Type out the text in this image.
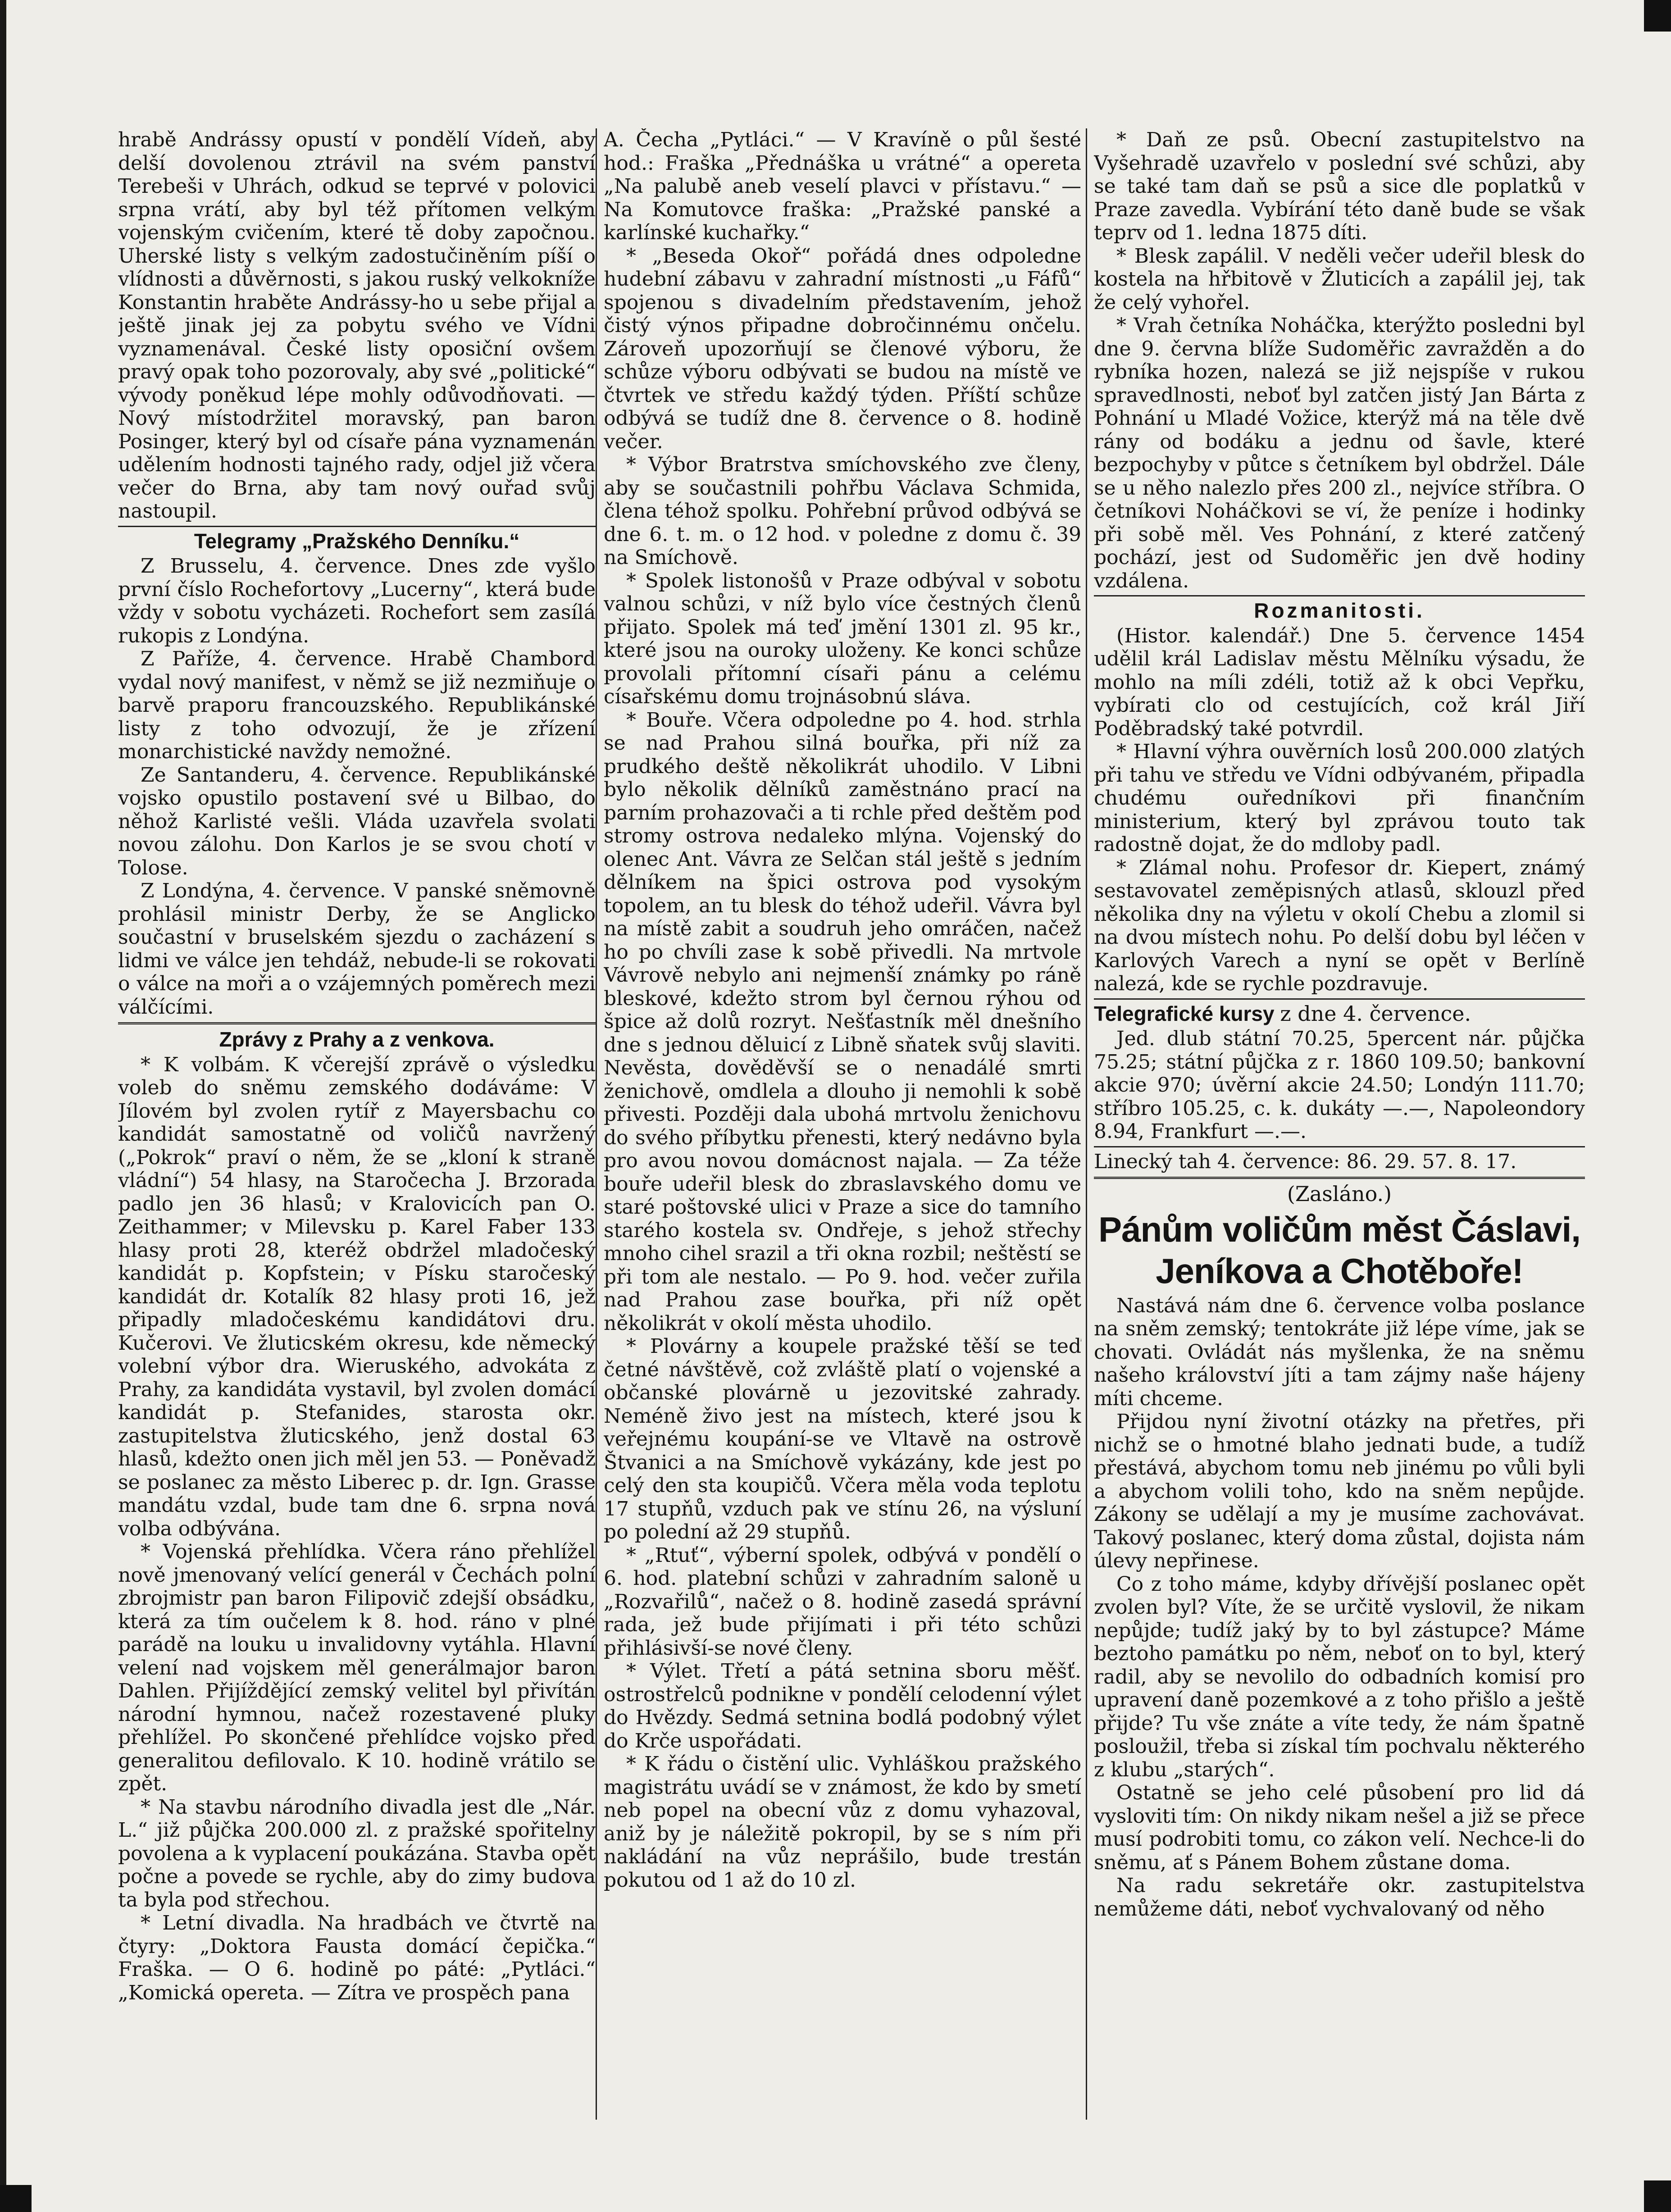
hrabě Andrássy opustí v pondělí Vídeň, aby delší dovolenou ztrávil na svém panství Terebeši v Uhrách, odkud se teprvé v polovici srpna vrátí, aby byl též přítomen velkým vojenským cvičením, které tě doby započnou. Uherské listy s velkým zadostučiněním píší o vlídnosti a důvěrnosti, s jakou ruský velkokníže Konstantin hraběte Andrássy-ho u sebe přijal a ještě jinak jej za pobytu svého ve Vídni vyznamenával. České listy oposiční ovšem pravý opak toho pozorovaly, aby své „politické“ vývody poněkud lépe mohly odůvodňovati. — Nový místodržitel moravský, pan baron Posinger, který byl od císaře pána vyznamenán udělením hodnosti tajného rady, odjel již včera večer do Brna, aby tam nový ouřad svůj nastoupil.

Telegramy „Pražského Denníku.“

Z Brusselu, 4. července. Dnes zde vyšlo první číslo Rochefortovy „Lucerny“, která bude vždy v sobotu vycházeti. Rochefort sem zasílá rukopis z Londýna.

Z Paříže, 4. července. Hrabě Chambord vydal nový manifest, v němž se již nezmiňuje o barvě praporu francouzského. Republikánské listy z toho odvozují, že je zřízení monarchistické navždy nemožné.

Ze Santanderu, 4. července. Republikánské vojsko opustilo postavení své u Bilbao, do něhož Karlisté vešli. Vláda uzavřela svolati novou zálohu. Don Karlos je se svou chotí v Tolose.

Z Londýna, 4. července. V panské sněmovně prohlásil ministr Derby, že se Anglicko součastní v bruselském sjezdu o zacházení s lidmi ve válce jen tehdáž, nebude-li se rokovati o válce na moři a o vzájemných poměrech mezi válčícími.

Zprávy z Prahy a z venkova.

* K volbám. K včerejší zprávě o výsledku voleb do sněmu zemského dodáváme: V Jílovém byl zvolen rytíř z Mayersbachu co kandidát samostatně od voličů navržený („Pokrok“ praví o něm, že se „kloní k straně vládní“) 54 hlasy, na Staročecha J. Brzorada padlo jen 36 hlasů; v Kralovicích pan O. Zeithammer; v Milevsku p. Karel Faber 133 hlasy proti 28, kteréž obdržel mladočeský kandidát p. Kopfstein; v Písku staročeský kandidát dr. Kotalík 82 hlasy proti 16, jež připadly mladočeskému kandidátovi dru. Kučerovi. Ve žluticském okresu, kde německý volební výbor dra. Wieruského, advokáta z Prahy, za kandidáta vystavil, byl zvolen domácí kandidát p. Stefanides, starosta okr. zastupitelstva žluticského, jenž dostal 63 hlasů, kdežto onen jich měl jen 53. — Poněvadž se poslanec za město Liberec p. dr. Ign. Grasse mandátu vzdal, bude tam dne 6. srpna nová volba odbývána.

* Vojenská přehlídka. Včera ráno přehlížel nově jmenovaný velící generál v Čechách polní zbrojmistr pan baron Filipovič zdejší obsádku, která za tím oučelem k 8. hod. ráno v plné parádě na louku u invalidovny vytáhla. Hlavní velení nad vojskem měl generálmajor baron Dahlen. Přijíždějící zemský velitel byl přivítán národní hymnou, načež rozestavené pluky přehlížel. Po skončené přehlídce vojsko před generalitou defilovalo. K 10. hodině vrátilo se zpět.

* Na stavbu národního divadla jest dle „Nár. L.“ již půjčka 200.000 zl. z pražské spořitelny povolena a k vyplacení poukázána. Stavba opět počne a povede se rychle, aby do zimy budova ta byla pod střechou.

* Letní divadla. Na hradbách ve čtvrtě na čtyry: „Doktora Fausta domácí čepička.“ Fraška. — O 6. hodině po páté: „Pytláci.“ „Komická opereta. — Zítra ve prospěch pana

A. Čecha „Pytláci.“ — V Kravíně o půl šesté hod.: Fraška „Přednáška u vrátné“ a opereta „Na palubě aneb veselí plavci v přístavu.“ — Na Komutovce fraška: „Pražské panské a karlínské kuchařky.“

* „Beseda Okoř“ pořádá dnes odpoledne hudební zábavu v zahradní místnosti „u Fáfů“ spojenou s divadelním představením, jehož čistý výnos připadne dobročinnému ončelu. Zároveň upozorňují se členové výboru, že schůze výboru odbývati se budou na místě ve čtvrtek ve středu každý týden. Příští schůze odbývá se tudíž dne 8. července o 8. hodině večer.

* Výbor Bratrstva smíchovského zve členy, aby se součastnili pohřbu Václava Schmida, člena téhož spolku. Pohřební průvod odbývá se dne 6. t. m. o 12 hod. v poledne z domu č. 39 na Smíchově.

* Spolek listonošů v Praze odbýval v sobotu valnou schůzi, v níž bylo více čestných členů přijato. Spolek má teď jmění 1301 zl. 95 kr., které jsou na ouroky uloženy. Ke konci schůze provolali přítomní císaři pánu a celému císařskému domu trojnásobnú sláva.

* Bouře. Včera odpoledne po 4. hod. strhla se nad Prahou silná bouřka, při níž za prudkého deště několikrát uhodilo. V Libni bylo několik dělníků zaměstnáno prací na parním prohazovači a ti rchle před deštěm pod stromy ostrova nedaleko mlýna. Vojenský do olenec Ant. Vávra ze Selčan stál ještě s jedním dělníkem na špici ostrova pod vysokým topolem, an tu blesk do téhož udeřil. Vávra byl na místě zabit a soudruh jeho omráčen, načež ho po chvíli zase k sobě přivedli. Na mrtvole Vávrově nebylo ani nejmenší známky po ráně bleskové, kdežto strom byl černou rýhou od špice až dolů rozryt. Nešťastník měl dnešního dne s jednou děluicí z Libně sňatek svůj slaviti. Nevěsta, dověděvší se o nenadálé smrti ženichově, omdlela a dlouho ji nemohli k sobě přivesti. Později dala ubohá mrtvolu ženichovu do svého příbytku přenesti, který nedávno byla pro avou novou domácnost najala. — Za téže bouře udeřil blesk do zbraslavského domu ve staré poštovské ulici v Praze a sice do tamního starého kostela sv. Ondřeje, s jehož střechy mnoho cihel srazil a tři okna rozbil; neštěstí se při tom ale nestalo. — Po 9. hod. večer zuřila nad Prahou zase bouřka, při níž opět několikrát v okolí města uhodilo.

* Plovárny a koupele pražské těší se teď četné návštěvě, což zvláště platí o vojenské a občanské plovárně u jezovitské zahrady. Neméně živo jest na místech, které jsou k veřejnému koupání-se ve Vltavě na ostrově Štvanici a na Smíchově vykázány, kde jest po celý den sta koupičů. Včera měla voda teplotu 17 stupňů, vzduch pak ve stínu 26, na výsluní po polední až 29 stupňů.

* „Rtuť“, výberní spolek, odbývá v pondělí o 6. hod. platební schůzi v zahradním saloně u „Rozvařilů“, načež o 8. hodině zasedá správní rada, jež bude přijímati i při této schůzi přihlásivší-se nové členy.

* Výlet. Třetí a pátá setnina sboru měšť. ostrostřelců podnikne v pondělí celodenní výlet do Hvězdy. Sedmá setnina bodlá podobný výlet do Krče uspořádati.

* K řádu o čistění ulic. Vyhláškou pražského magistrátu uvádí se v známost, že kdo by smetí neb popel na obecní vůz z domu vyhazoval, aniž by je náležitě pokropil, by se s ním při nakládání na vůz neprášilo, bude trestán pokutou od 1 až do 10 zl.

* Daň ze psů. Obecní zastupitelstvo na Vyšehradě uzavřelo v poslední své schůzi, aby se také tam daň se psů a sice dle poplatků v Praze zavedla. Vybírání této daně bude se však teprv od 1. ledna 1875 díti.

* Blesk zapálil. V neděli večer udeřil blesk do kostela na hřbitově v Žluticích a zapálil jej, tak že celý vyhořel.

* Vrah četníka Noháčka, kterýžto posledni byl dne 9. června blíže Sudoměřic zavražděn a do rybníka hozen, nalezá se již nejspíše v rukou spravedlnosti, neboť byl zatčen jistý Jan Bárta z Pohnání u Mladé Vožice, kterýž má na těle dvě rány od bodáku a jednu od šavle, které bezpochyby v půtce s četníkem byl obdržel. Dále se u něho nalezlo přes 200 zl., nejvíce stříbra. O četníkovi Noháčkovi se ví, že peníze i hodinky při sobě měl. Ves Pohnání, z které zatčený pochází, jest od Sudoměřic jen dvě hodiny vzdálena.

Rozmanitosti.

(Histor. kalendář.) Dne 5. července 1454 udělil král Ladislav městu Mělníku výsadu, že mohlo na míli zdéli, totiž až k obci Vepřku, vybírati clo od cestujících, což král Jiří Poděbradský také potvrdil.

* Hlavní výhra ouvěrních losů 200.000 zlatých při tahu ve středu ve Vídni odbývaném, připadla chudému ouředníkovi při finančním ministerium, který byl zprávou touto tak radostně dojat, že do mdloby padl.

* Zlámal nohu. Profesor dr. Kiepert, známý sestavovatel zeměpisných atlasů, sklouzl před několika dny na výletu v okolí Chebu a zlomil si na dvou místech nohu. Po delší dobu byl léčen v Karlových Varech a nyní se opět v Berlíně nalezá, kde se rychle pozdravuje.

Telegrafické kursy z dne 4. července.

Jed. dlub státní 70.25, 5percent nár. půjčka 75.25; státní půjčka z r. 1860 109.50; bankovní akcie 970; úvěrní akcie 24.50; Londýn 111.70; stříbro 105.25, c. k. dukáty —.—, Napoleondory 8.94, Frankfurt —.—.

Linecký tah 4. července: 86. 29. 57. 8. 17.

(Zasláno.)
Pánům voličům měst Čáslavi, Jeníkova a Chotěboře!

Nastává nám dne 6. července volba poslance na sněm zemský; tentokráte již lépe víme, jak se chovati. Ovládát nás myšlenka, že na sněmu našeho království jíti a tam zájmy naše hájeny míti chceme.

Přijdou nyní životní otázky na přetřes, při nichž se o hmotné blaho jednati bude, a tudíž přestává, abychom tomu neb jinému po vůli byli a abychom volili toho, kdo na sněm nepůjde. Zákony se udělají a my je musíme zachovávat. Takový poslanec, který doma zůstal, dojista nám úlevy nepřinese.

Co z toho máme, kdyby dřívější poslanec opět zvolen byl? Víte, že se určitě vyslovil, že nikam nepůjde; tudíž jaký by to byl zástupce? Máme beztoho památku po něm, neboť on to byl, který radil, aby se nevolilo do odbadních komisí pro upravení daně pozemkové a z toho přišlo a ještě přijde? Tu vše znáte a víte tedy, že nám špatně posloužil, třeba si získal tím pochvalu některého z klubu „starých“.

Ostatně se jeho celé působení pro lid dá vysloviti tím: On nikdy nikam nešel a již se přece musí podrobiti tomu, co zákon velí. Nechce-li do sněmu, ať s Pánem Bohem zůstane doma.

Na radu sekretáře okr. zastupitelstva nemůžeme dáti, neboť vychvalovaný od něho
